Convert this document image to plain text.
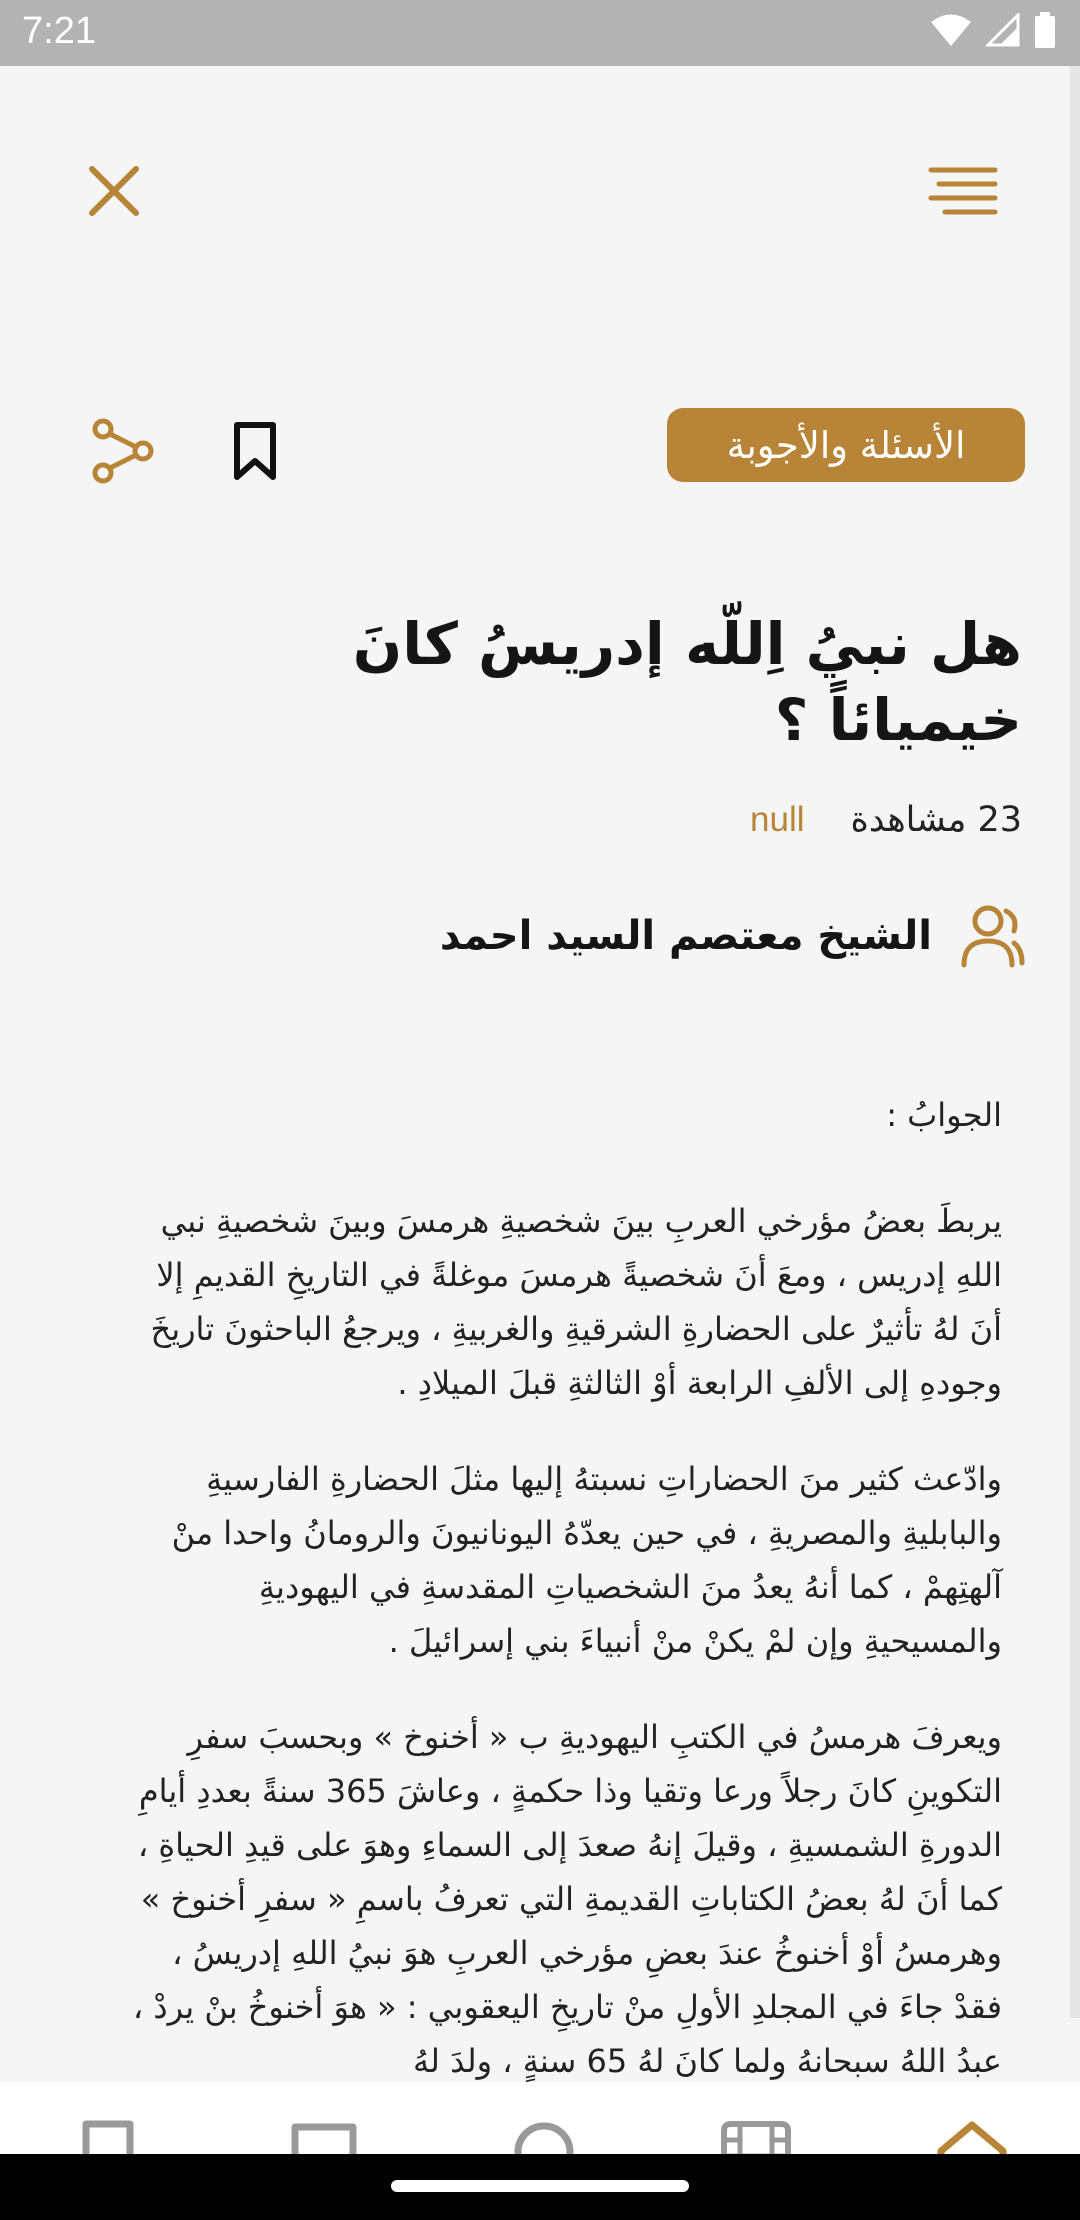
7:21
الأسئلة والأجوبة
هل نبيُ اِللّه إدريسُ كانَ خيميائاً ؟
23 مشاهدة
null
الشيخ معتصم السيد احمد

الجوابُ :

يربطَ بعضُ مؤرخي العربِ بينَ شخصيةِ هرمسَ وبينَ شخصيةِ نبي اللهِ إدريس ، ومعَ أنَ شخصيةً هرمسَ موغلةً في التاريخِ القديمِ إلا أنَ لهُ تأثيرٌ على الحضارةِ الشرقيةِ والغربيةِ ، ويرجعُ الباحثونَ تاريخَ وجودهِ إلى الألفِ الرابعة أوْ الثالثةِ قبلَ الميلادِ .

وادّعث كثير منَ الحضاراتِ نسبتهُ إليها مثلَ الحضارةِ الفارسيةِ والبابليةِ والمصريةِ ، في حين يعدّهُ اليونانيونَ والرومانُ واحدا منْ آلهتِهمْ ، كما أنهُ يعدُ منَ الشخصياتِ المقدسةِ في اليهوديةِ والمسيحيةِ وإن لمْ يكنْ منْ أنبياءَ بني إسرائيلَ .

ويعرفَ هرمسُ في الكتبِ اليهوديةِ ب « أخنوخ » وبحسبَ سفرِ التكوينِ كانَ رجلاً ورعا وتقيا وذا حكمةٍ ، وعاشَ 365 سنةً بعددِ أيامِ الدورةِ الشمسيةِ ، وقيلَ إنهُ صعدَ إلى السماءِ وهوَ على قيدِ الحياةِ ، كما أنَ لهُ بعضُ الكتاباتِ القديمةِ التي تعرفُ باسمِ « سفرِ أخنوخ » وهرمسُ أوْ أخنوخُ عندَ بعضِ مؤرخي العربِ هوَ نبيُ اللهِ إدريسُ ، فقدْ جاءَ في المجلدِ الأولِ منْ تاريخِ اليعقوبي : « هوَ أخنوخُ بنْ يردْ ، عبدُ اللهُ سبحانهُ ولما كانَ لهُ 65 سنةٍ ، ولدَ لهُ
